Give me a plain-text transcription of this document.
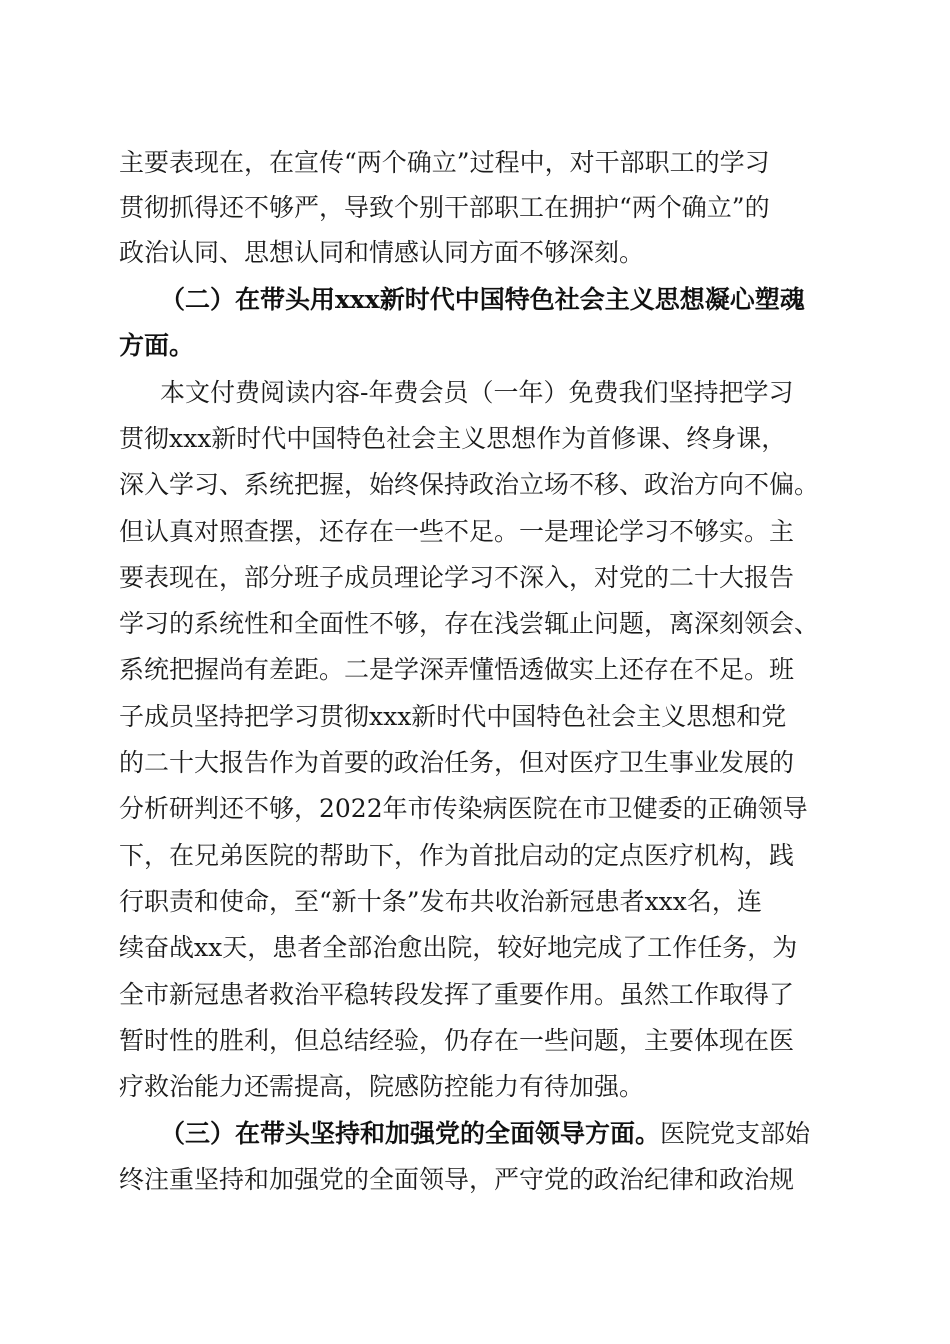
主要表现在，在宣传“两个确立”过程中，对干部职工的学习
贯彻抓得还不够严，导致个别干部职工在拥护“两个确立”的
政治认同、思想认同和情感认同方面不够深刻。
（二）在带头用xxx新时代中国特色社会主义思想凝心塑魂
方面。
本文付费阅读内容-年费会员（一年）免费我们坚持把学习
贯彻xxx新时代中国特色社会主义思想作为首修课、终身课，
深入学习、系统把握，始终保持政治立场不移、政治方向不偏。
但认真对照查摆，还存在一些不足。一是理论学习不够实。主
要表现在，部分班子成员理论学习不深入，对党的二十大报告
学习的系统性和全面性不够，存在浅尝辄止问题，离深刻领会、
系统把握尚有差距。二是学深弄懂悟透做实上还存在不足。班
子成员坚持把学习贯彻xxx新时代中国特色社会主义思想和党
的二十大报告作为首要的政治任务，但对医疗卫生事业发展的
分析研判还不够，2022年市传染病医院在市卫健委的正确领导
下，在兄弟医院的帮助下，作为首批启动的定点医疗机构，践
行职责和使命，至“新十条”发布共收治新冠患者xxx名，连
续奋战xx天，患者全部治愈出院，较好地完成了工作任务，为
全市新冠患者救治平稳转段发挥了重要作用。虽然工作取得了
暂时性的胜利，但总结经验，仍存在一些问题，主要体现在医
疗救治能力还需提高，院感防控能力有待加强。
（三）在带头坚持和加强党的全面领导方面。医院党支部始
终注重坚持和加强党的全面领导，严守党的政治纪律和政治规
